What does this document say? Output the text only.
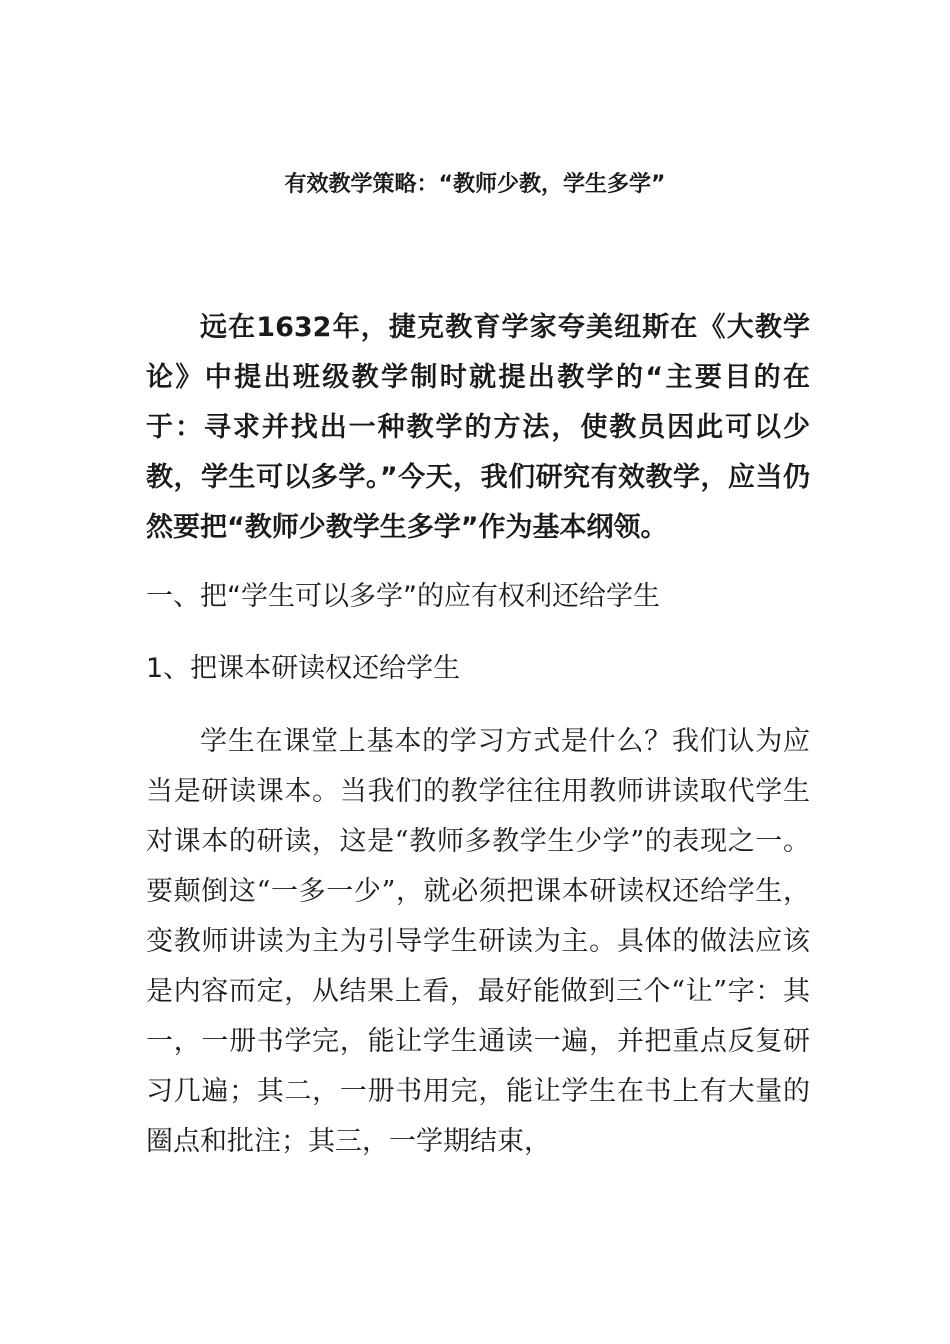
有效教学策略：“教师少教，学生多学”

远在1632年，捷克教育学家夸美纽斯在《大教学论》中提出班级教学制时就提出教学的“主要目的在于：寻求并找出一种教学的方法，使教员因此可以少教，学生可以多学。”今天，我们研究有效教学，应当仍然要把“教师少教学生多学”作为基本纲领。

一、把“学生可以多学”的应有权利还给学生

1、把课本研读权还给学生

学生在课堂上基本的学习方式是什么？我们认为应当是研读课本。当我们的教学往往用教师讲读取代学生对课本的研读，这是“教师多教学生少学”的表现之一。要颠倒这“一多一少”，就必须把课本研读权还给学生，变教师讲读为主为引导学生研读为主。具体的做法应该是内容而定，从结果上看，最好能做到三个“让”字：其一，一册书学完，能让学生通读一遍，并把重点反复研习几遍；其二，一册书用完，能让学生在书上有大量的圈点和批注；其三，一学期结束，
